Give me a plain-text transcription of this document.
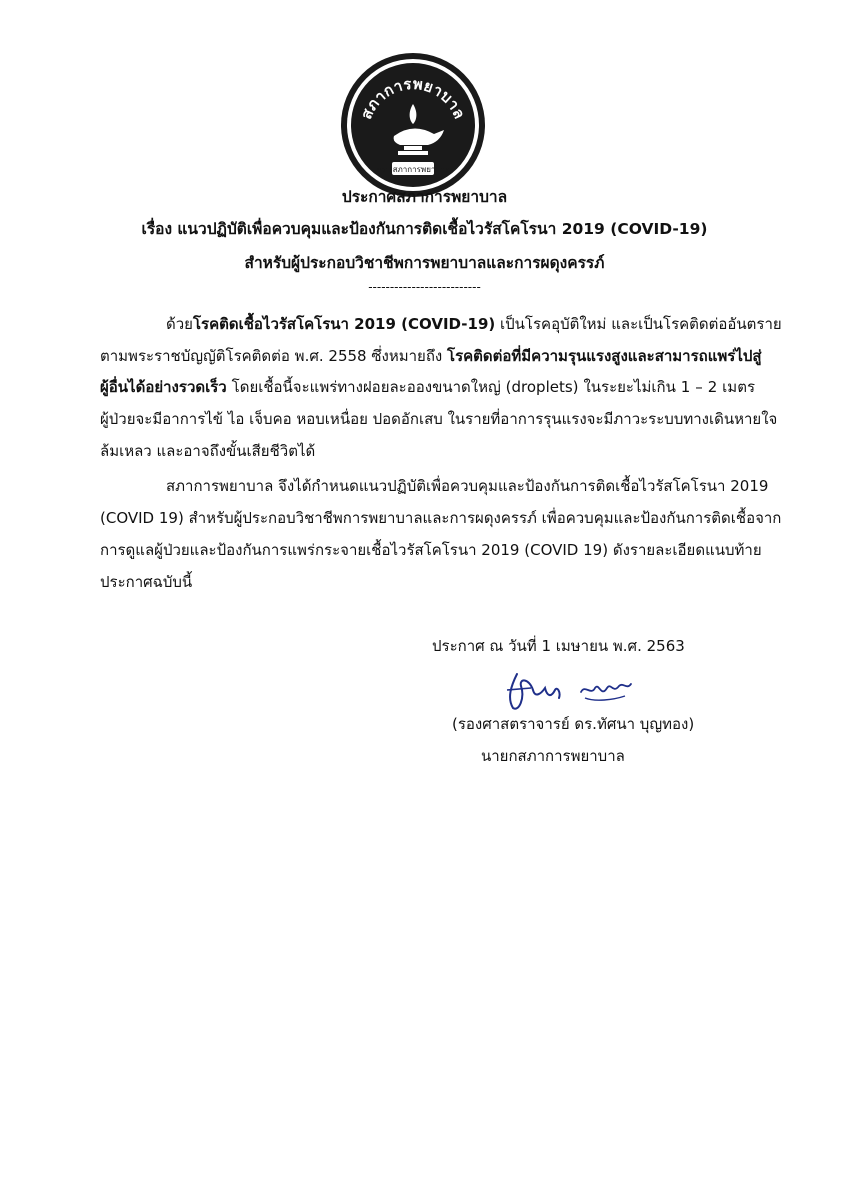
สภาการพยาบาล
ตรา สภาการพยาบาล
ประกาศสภาการพยาบาล
เรื่อง แนวปฏิบัติเพื่อควบคุมและป้องกันการติดเชื้อไวรัสโคโรนา 2019 (COVID-19)
สำหรับผู้ประกอบวิชาชีพการพยาบาลและการผดุงครรภ์
--------------------------
ด้วยโรคติดเชื้อไวรัสโคโรนา 2019 (COVID-19) เป็นโรคอุบัติใหม่ และเป็นโรคติดต่ออันตราย
ตามพระราชบัญญัติโรคติดต่อ พ.ศ. 2558 ซึ่งหมายถึง โรคติดต่อที่มีความรุนแรงสูงและสามารถแพร่ไปสู่
ผู้อื่นได้อย่างรวดเร็ว โดยเชื้อนี้จะแพร่ทางฝอยละอองขนาดใหญ่ (droplets) ในระยะไม่เกิน 1 – 2 เมตร
ผู้ป่วยจะมีอาการไข้ ไอ เจ็บคอ หอบเหนื่อย ปอดอักเสบ ในรายที่อาการรุนแรงจะมีภาวะระบบทางเดินหายใจ
ล้มเหลว และอาจถึงขั้นเสียชีวิตได้
สภาการพยาบาล จึงได้กำหนดแนวปฏิบัติเพื่อควบคุมและป้องกันการติดเชื้อไวรัสโคโรนา 2019
(COVID 19) สำหรับผู้ประกอบวิชาชีพการพยาบาลและการผดุงครรภ์ เพื่อควบคุมและป้องกันการติดเชื้อจาก
การดูแลผู้ป่วยและป้องกันการแพร่กระจายเชื้อไวรัสโคโรนา 2019 (COVID 19) ดังรายละเอียดแนบท้าย
ประกาศฉบับนี้
ประกาศ ณ วันที่ 1 เมษายน พ.ศ. 2563
(รองศาสตราจารย์ ดร.ทัศนา บุญทอง)
นายกสภาการพยาบาล
